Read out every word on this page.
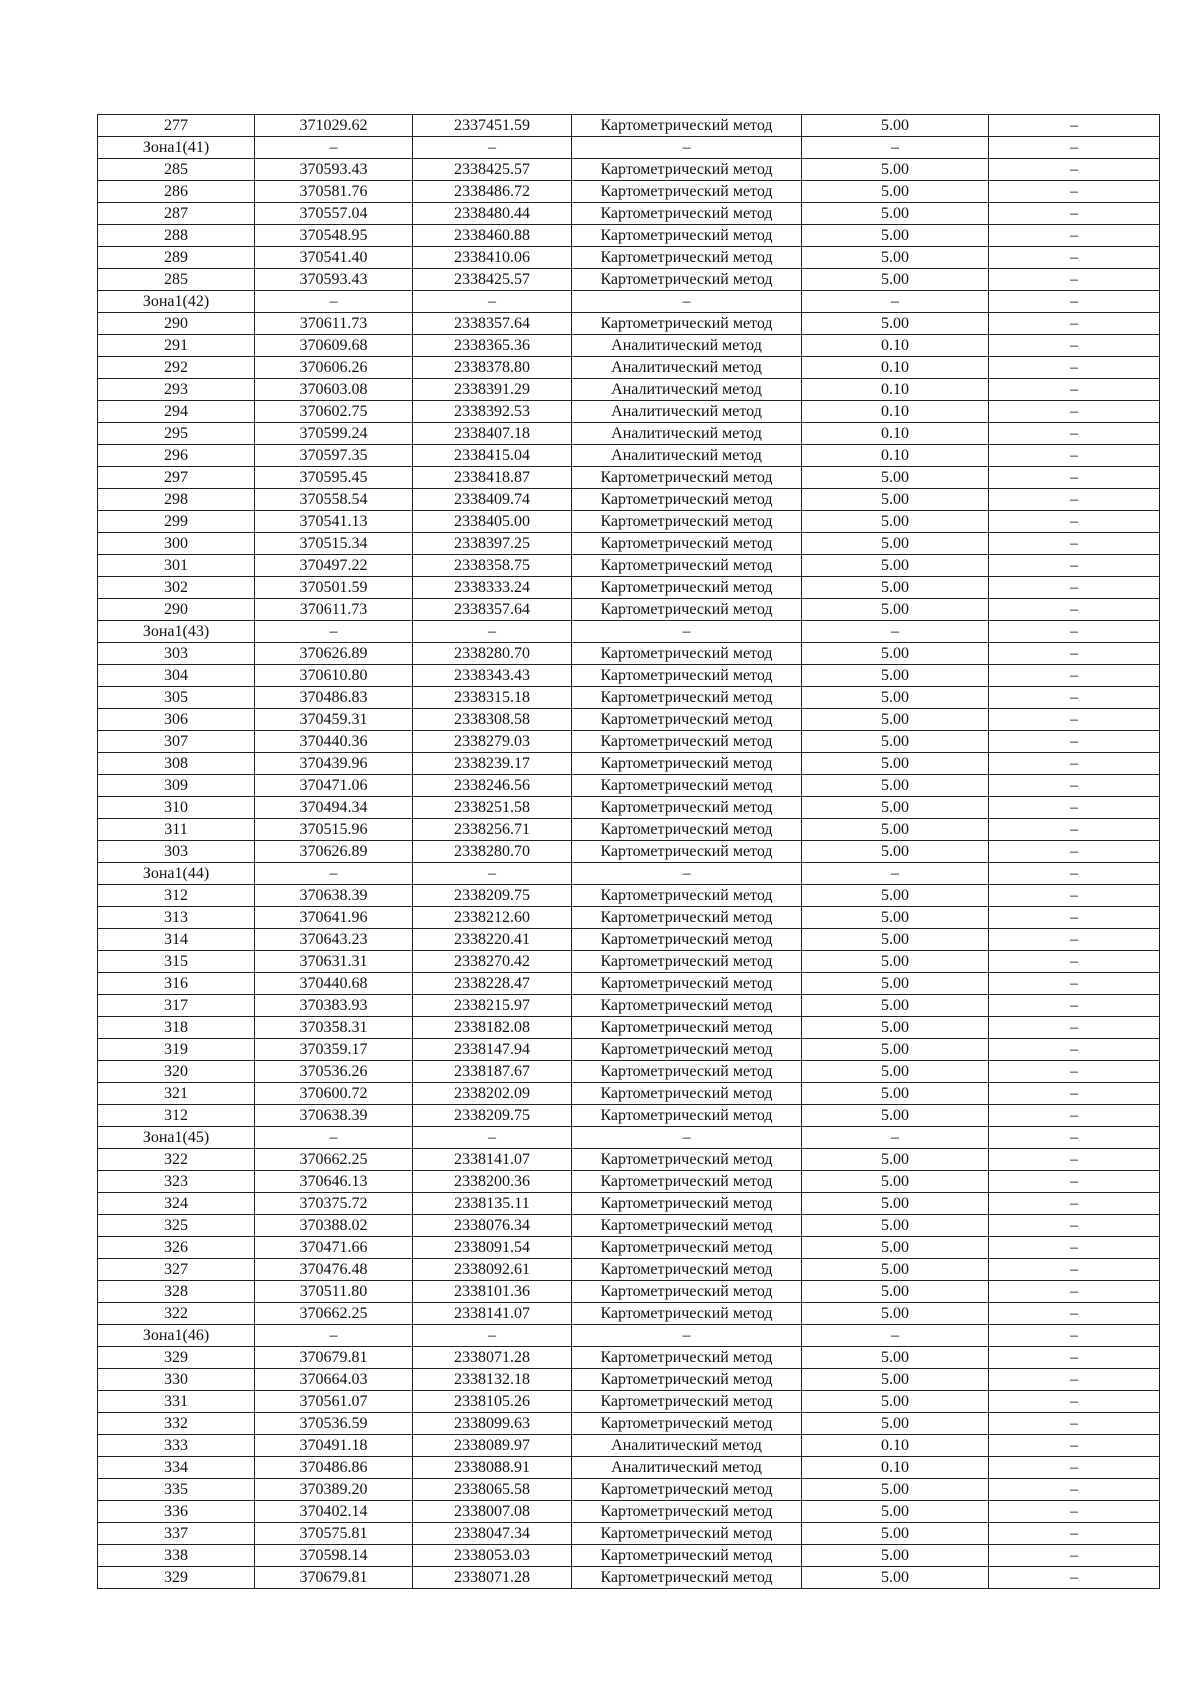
277	371029.62	2337451.59	Картометрический метод	5.00	–
Зона1(41)	–	–	–	–	–
285	370593.43	2338425.57	Картометрический метод	5.00	–
286	370581.76	2338486.72	Картометрический метод	5.00	–
287	370557.04	2338480.44	Картометрический метод	5.00	–
288	370548.95	2338460.88	Картометрический метод	5.00	–
289	370541.40	2338410.06	Картометрический метод	5.00	–
285	370593.43	2338425.57	Картометрический метод	5.00	–
Зона1(42)	–	–	–	–	–
290	370611.73	2338357.64	Картометрический метод	5.00	–
291	370609.68	2338365.36	Аналитический метод	0.10	–
292	370606.26	2338378.80	Аналитический метод	0.10	–
293	370603.08	2338391.29	Аналитический метод	0.10	–
294	370602.75	2338392.53	Аналитический метод	0.10	–
295	370599.24	2338407.18	Аналитический метод	0.10	–
296	370597.35	2338415.04	Аналитический метод	0.10	–
297	370595.45	2338418.87	Картометрический метод	5.00	–
298	370558.54	2338409.74	Картометрический метод	5.00	–
299	370541.13	2338405.00	Картометрический метод	5.00	–
300	370515.34	2338397.25	Картометрический метод	5.00	–
301	370497.22	2338358.75	Картометрический метод	5.00	–
302	370501.59	2338333.24	Картометрический метод	5.00	–
290	370611.73	2338357.64	Картометрический метод	5.00	–
Зона1(43)	–	–	–	–	–
303	370626.89	2338280.70	Картометрический метод	5.00	–
304	370610.80	2338343.43	Картометрический метод	5.00	–
305	370486.83	2338315.18	Картометрический метод	5.00	–
306	370459.31	2338308.58	Картометрический метод	5.00	–
307	370440.36	2338279.03	Картометрический метод	5.00	–
308	370439.96	2338239.17	Картометрический метод	5.00	–
309	370471.06	2338246.56	Картометрический метод	5.00	–
310	370494.34	2338251.58	Картометрический метод	5.00	–
311	370515.96	2338256.71	Картометрический метод	5.00	–
303	370626.89	2338280.70	Картометрический метод	5.00	–
Зона1(44)	–	–	–	–	–
312	370638.39	2338209.75	Картометрический метод	5.00	–
313	370641.96	2338212.60	Картометрический метод	5.00	–
314	370643.23	2338220.41	Картометрический метод	5.00	–
315	370631.31	2338270.42	Картометрический метод	5.00	–
316	370440.68	2338228.47	Картометрический метод	5.00	–
317	370383.93	2338215.97	Картометрический метод	5.00	–
318	370358.31	2338182.08	Картометрический метод	5.00	–
319	370359.17	2338147.94	Картометрический метод	5.00	–
320	370536.26	2338187.67	Картометрический метод	5.00	–
321	370600.72	2338202.09	Картометрический метод	5.00	–
312	370638.39	2338209.75	Картометрический метод	5.00	–
Зона1(45)	–	–	–	–	–
322	370662.25	2338141.07	Картометрический метод	5.00	–
323	370646.13	2338200.36	Картометрический метод	5.00	–
324	370375.72	2338135.11	Картометрический метод	5.00	–
325	370388.02	2338076.34	Картометрический метод	5.00	–
326	370471.66	2338091.54	Картометрический метод	5.00	–
327	370476.48	2338092.61	Картометрический метод	5.00	–
328	370511.80	2338101.36	Картометрический метод	5.00	–
322	370662.25	2338141.07	Картометрический метод	5.00	–
Зона1(46)	–	–	–	–	–
329	370679.81	2338071.28	Картометрический метод	5.00	–
330	370664.03	2338132.18	Картометрический метод	5.00	–
331	370561.07	2338105.26	Картометрический метод	5.00	–
332	370536.59	2338099.63	Картометрический метод	5.00	–
333	370491.18	2338089.97	Аналитический метод	0.10	–
334	370486.86	2338088.91	Аналитический метод	0.10	–
335	370389.20	2338065.58	Картометрический метод	5.00	–
336	370402.14	2338007.08	Картометрический метод	5.00	–
337	370575.81	2338047.34	Картометрический метод	5.00	–
338	370598.14	2338053.03	Картометрический метод	5.00	–
329	370679.81	2338071.28	Картометрический метод	5.00	–
